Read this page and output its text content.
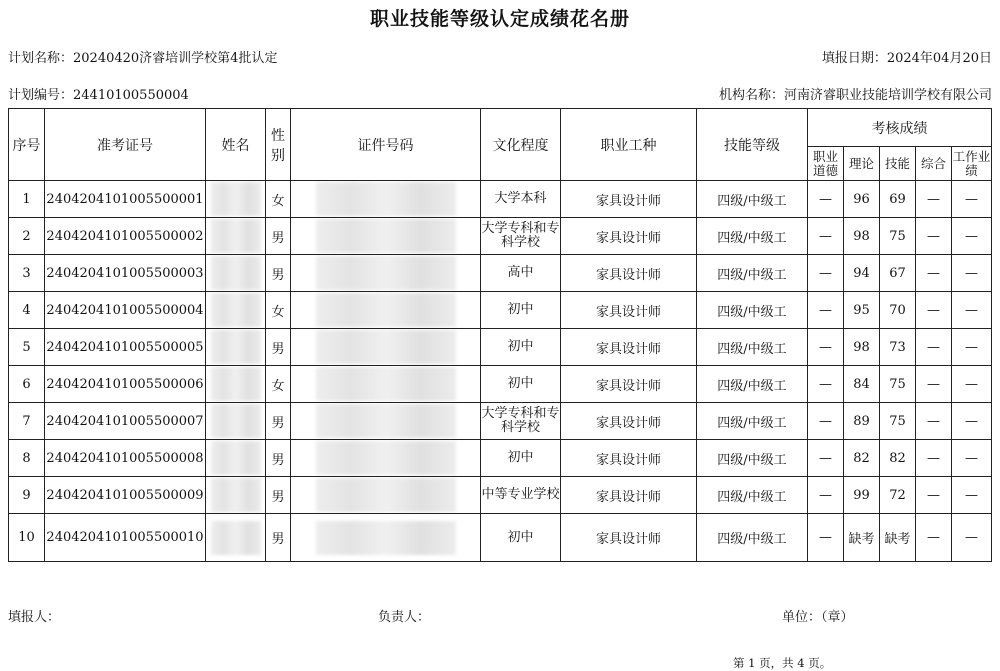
职业技能等级认定成绩花名册
计划名称：20240420济睿培训学校第4批认定	填报日期：2024年04月20日
计划编号：24410100550004	机构名称：河南济睿职业技能培训学校有限公司
序号	准考证号	姓名	性别	证件号码	文化程度	职业工种	技能等级	考核成绩				
								职业道德	理论	技能	综合	工作业绩
1	2404204101005500001		女		大学本科	家具设计师	四级/中级工	—	96	69	—	—
2	2404204101005500002		男		大学专科和专科学校	家具设计师	四级/中级工	—	98	75	—	—
3	2404204101005500003		男		高中	家具设计师	四级/中级工	—	94	67	—	—
4	2404204101005500004		女		初中	家具设计师	四级/中级工	—	95	70	—	—
5	2404204101005500005		男		初中	家具设计师	四级/中级工	—	98	73	—	—
6	2404204101005500006		女		初中	家具设计师	四级/中级工	—	84	75	—	—
7	2404204101005500007		男		大学专科和专科学校	家具设计师	四级/中级工	—	89	75	—	—
8	2404204101005500008		男		初中	家具设计师	四级/中级工	—	82	82	—	—
9	2404204101005500009		男		中等专业学校	家具设计师	四级/中级工	—	99	72	—	—
10	2404204101005500010		男		初中	家具设计师	四级/中级工	—	缺考	缺考	—	—
填报人：	负责人：	单位：（章）
第 1 页，共 4 页。
